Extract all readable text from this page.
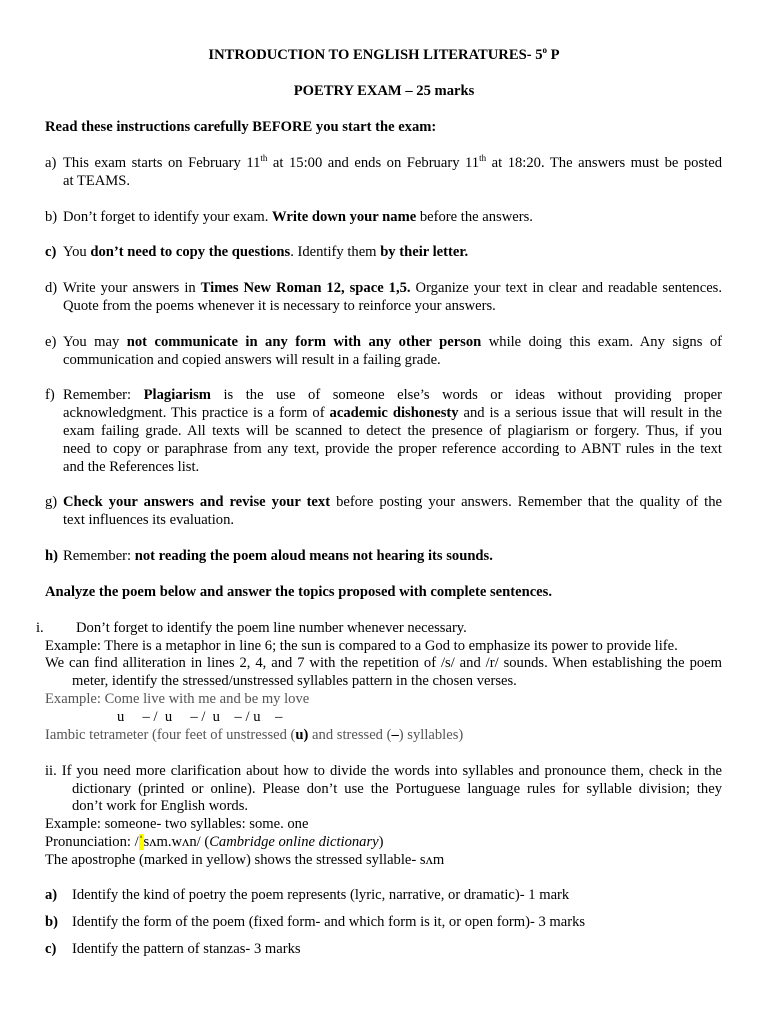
INTRODUCTION TO ENGLISH LITERATURES- 5$^o$ P
POETRY EXAM – 25 marks
Read these instructions carefully BEFORE you start the exam:
a) This exam starts on February 11th at 15:00 and ends on February 11th at 18:20. The answers must be posted
at TEAMS.
b) Don’t forget to identify your exam. Write down your name before the answers.
c) You don’t need to copy the questions. Identify them by their letter.
d) Write your answers in Times New Roman 12, space 1,5. Organize your text in clear and readable sentences.
Quote from the poems whenever it is necessary to reinforce your answers.
e) You may not communicate in any form with any other person while doing this exam. Any signs of
communication and copied answers will result in a failing grade.
f) Remember: Plagiarism is the use of someone else’s words or ideas without providing proper
acknowledgment. This practice is a form of academic dishonesty and is a serious issue that will result in the
exam failing grade. All texts will be scanned to detect the presence of plagiarism or forgery. Thus, if you
need to copy or paraphrase from any text, provide the proper reference according to ABNT rules in the text
and the References list.
g) Check your answers and revise your text before posting your answers. Remember that the quality of the
text influences its evaluation.
h) Remember: not reading the poem aloud means not hearing its sounds.
Analyze the poem below and answer the topics proposed with complete sentences.
i. Don’t forget to identify the poem line number whenever necessary.
Example: There is a metaphor in line 6; the sun is compared to a God to emphasize its power to provide life.
We can find alliteration in lines 2, 4, and 7 with the repetition of /s/ and /r/ sounds. When establishing the poem
meter, identify the stressed/unstressed syllables pattern in the chosen verses.
Example: Come live with me and be my love
u     – /  u     – /  u    – / u    –
Iambic tetrameter (four feet of unstressed (u) and stressed (–) syllables)
ii. If you need more clarification about how to divide the words into syllables and pronounce them, check in the
dictionary (printed or online). Please don’t use the Portuguese language rules for syllable division; they
don’t work for English words.
Example: someone- two syllables: some. one
Pronunciation: /ˈsʌm.wʌn/ (Cambridge online dictionary)
The apostrophe (marked in yellow) shows the stressed syllable- sʌm
a) Identify the kind of poetry the poem represents (lyric, narrative, or dramatic)- 1 mark
b) Identify the form of the poem (fixed form- and which form is it, or open form)- 3 marks
c) Identify the pattern of stanzas- 3 marks
